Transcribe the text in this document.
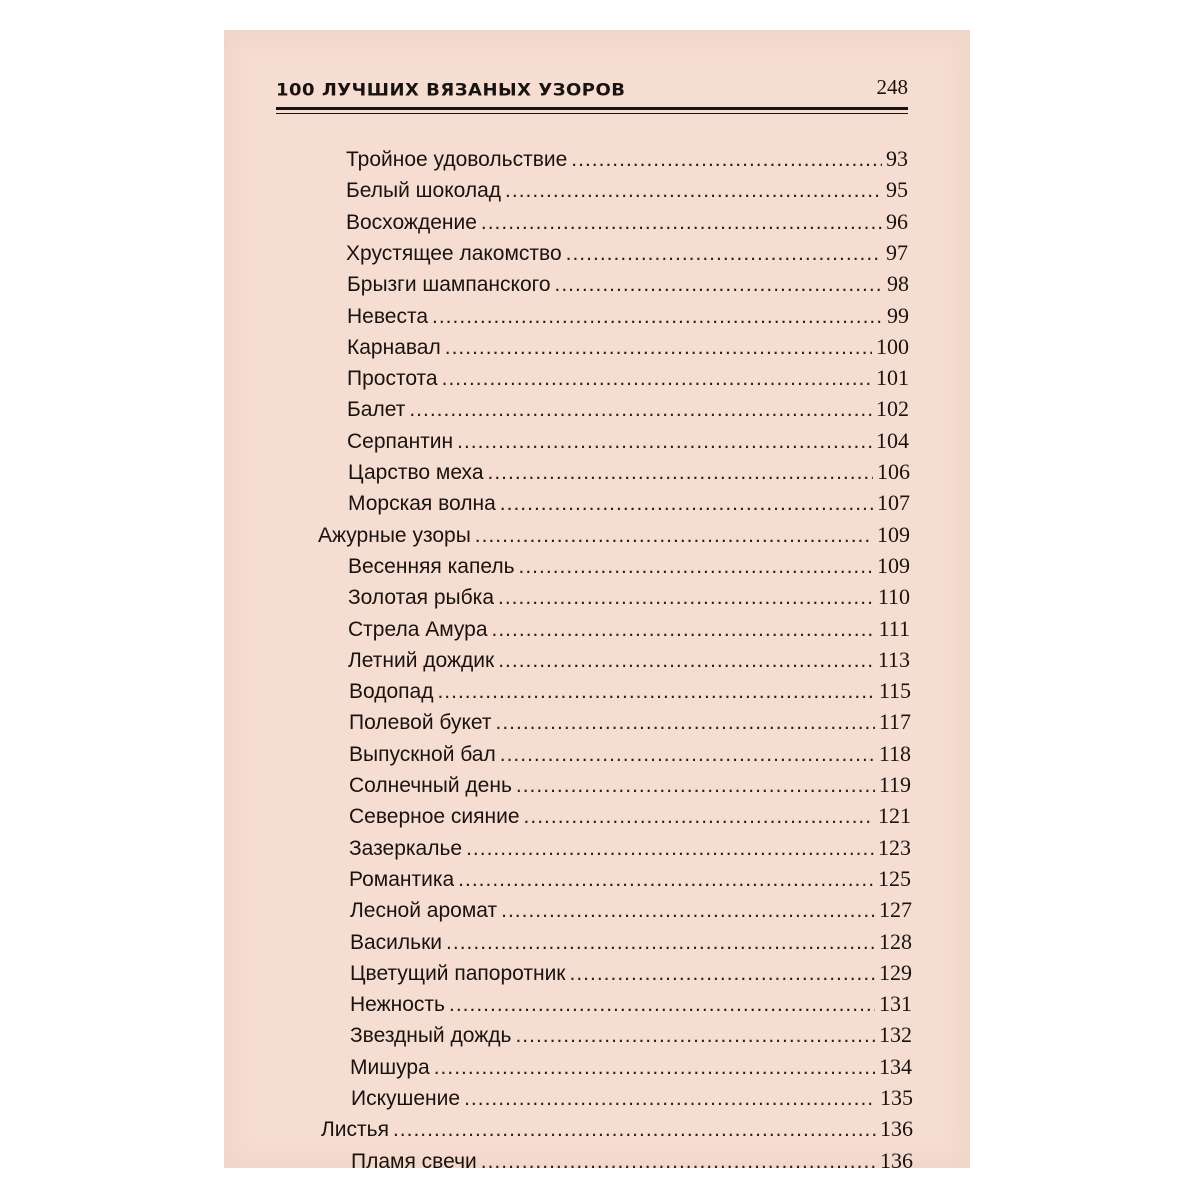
100 ЛУЧШИХ ВЯЗАНЫХ УЗОРОВ	248
Тройное удовольствие .....	93
Белый шоколад .....	95
Восхождение .....	96
Хрустящее лакомство .....	97
Брызги шампанского .....	98
Невеста .....	99
Карнавал .....	100
Простота .....	101
Балет .....	102
Серпантин .....	104
Царство меха .....	106
Морская волна .....	107
Ажурные узоры .....	109
Весенняя капель .....	109
Золотая рыбка .....	110
Стрела Амура .....	111
Летний дождик .....	113
Водопад .....	115
Полевой букет .....	117
Выпускной бал .....	118
Солнечный день .....	119
Северное сияние .....	121
Зазеркалье .....	123
Романтика .....	125
Лесной аромат .....	127
Васильки .....	128
Цветущий папоротник .....	129
Нежность .....	131
Звездный дождь .....	132
Мишура .....	134
Искушение .....	135
Листья .....	136
Пламя свечи .....	136
